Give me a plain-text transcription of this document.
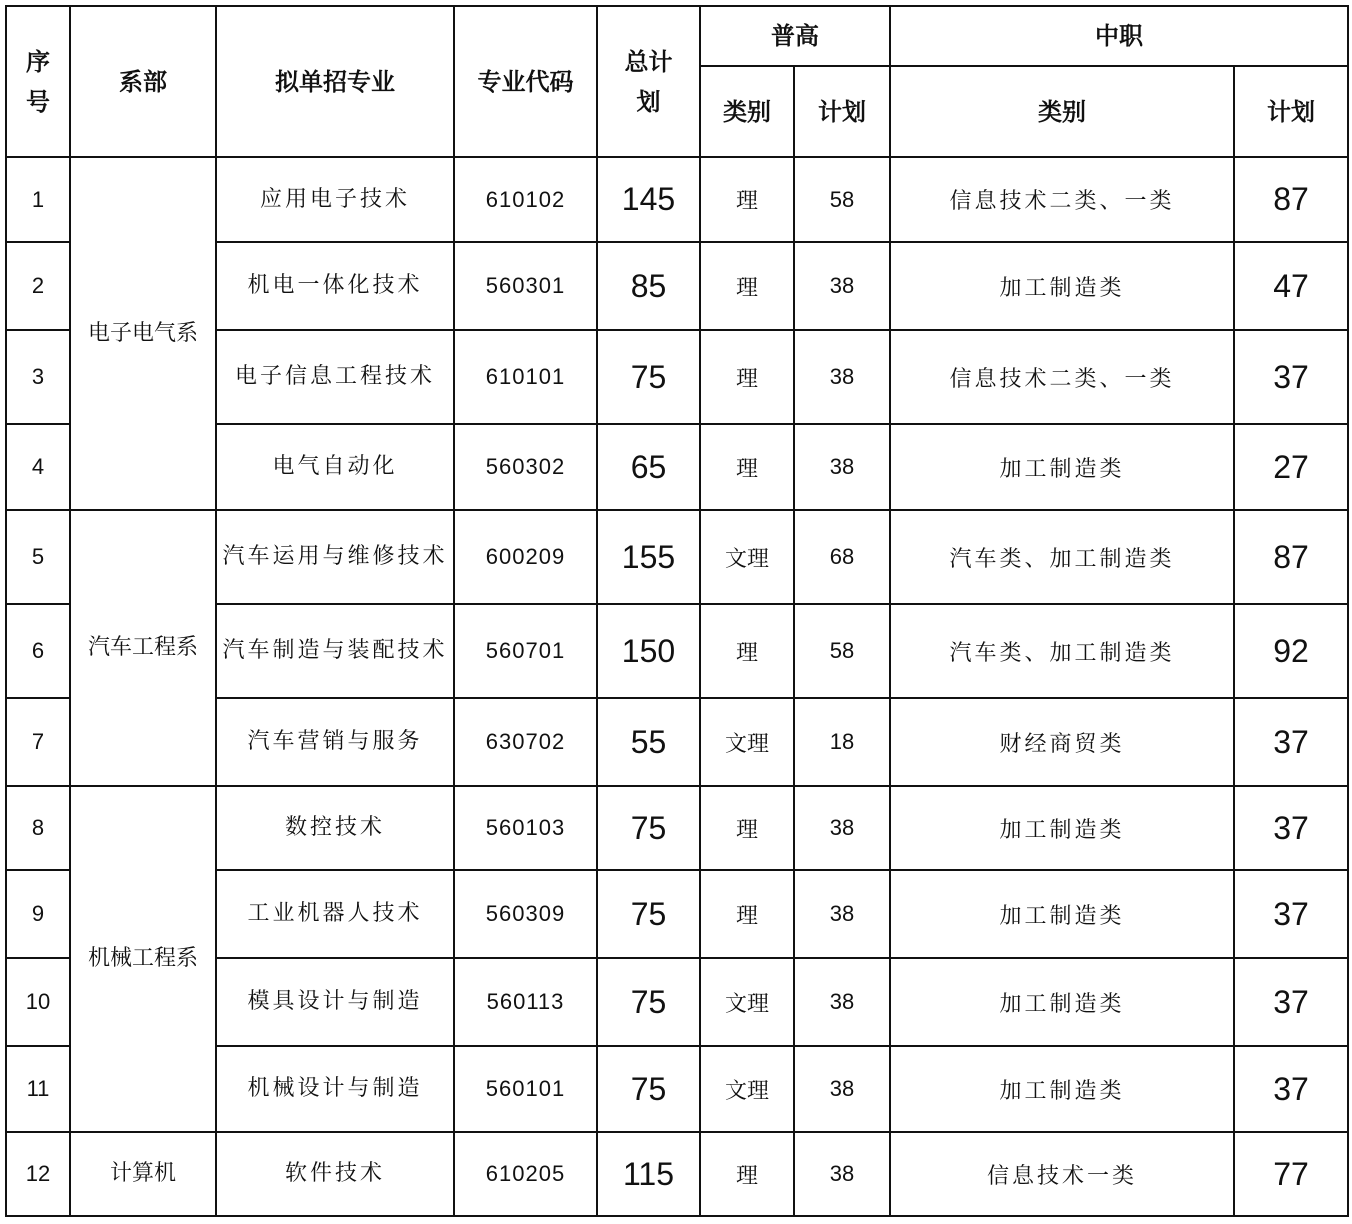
序号	系部	拟单招专业	专业代码	总计划	普高		中职	
					类别	计划	类别	计划
1	电子电气系	应用电子技术	610102	145	理	58	信息技术二类、一类	87
2		机电一体化技术	560301	85	理	38	加工制造类	47
3		电子信息工程技术	610101	75	理	38	信息技术二类、一类	37
4		电气自动化	560302	65	理	38	加工制造类	27
5	汽车工程系	汽车运用与维修技术	600209	155	文理	68	汽车类、加工制造类	87
6		汽车制造与装配技术	560701	150	理	58	汽车类、加工制造类	92
7		汽车营销与服务	630702	55	文理	18	财经商贸类	37
8	机械工程系	数控技术	560103	75	理	38	加工制造类	37
9		工业机器人技术	560309	75	理	38	加工制造类	37
10		模具设计与制造	560113	75	文理	38	加工制造类	37
11		机械设计与制造	560101	75	文理	38	加工制造类	37
12	计算机	软件技术	610205	115	理	38	信息技术一类	77
